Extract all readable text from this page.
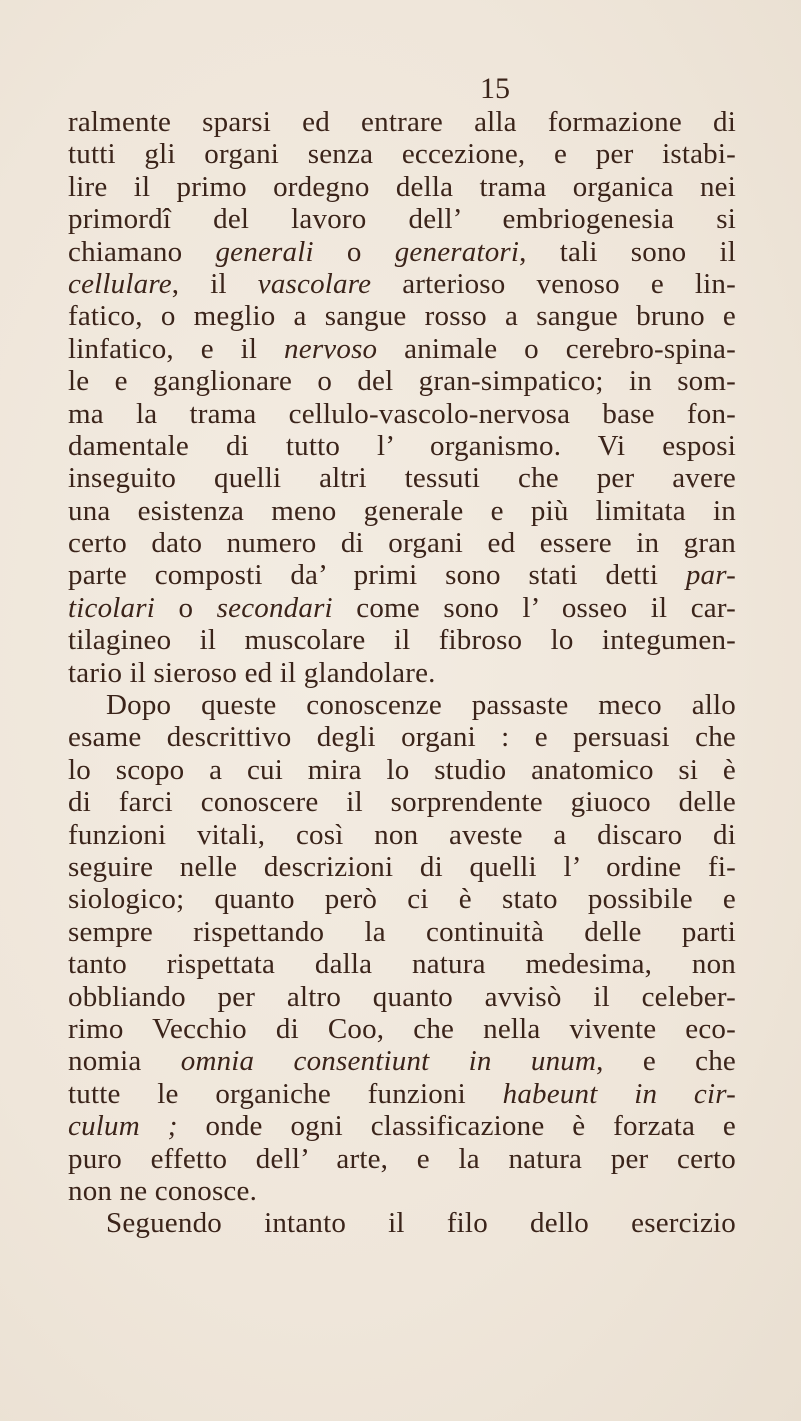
15
ralmente sparsi ed entrare alla formazione di
tutti gli organi senza eccezione, e per istabi-
lire il primo ordegno della trama organica nei
primordî del lavoro dell’ embriogenesia si
chiamano generali o generatori, tali sono il
cellulare, il vascolare arterioso venoso e lin-
fatico, o meglio a sangue rosso a sangue bruno e
linfatico, e il nervoso animale o cerebro-spina-
le e ganglionare o del gran-simpatico; in som-
ma la trama cellulo-vascolo-nervosa base fon-
damentale di tutto l’ organismo. Vi esposi
inseguito quelli altri tessuti che per avere
una esistenza meno generale e più limitata in
certo dato numero di organi ed essere in gran
parte composti da’ primi sono stati detti par-
ticolari o secondari come sono l’ osseo il car-
tilagineo il muscolare il fibroso lo integumen-
tario il sieroso ed il glandolare.
Dopo queste conoscenze passaste meco allo
esame descrittivo degli organi : e persuasi che
lo scopo a cui mira lo studio anatomico si è
di farci conoscere il sorprendente giuoco delle
funzioni vitali, così non aveste a discaro di
seguire nelle descrizioni di quelli l’ ordine fi-
siologico; quanto però ci è stato possibile e
sempre rispettando la continuità delle parti
tanto rispettata dalla natura medesima, non
obbliando per altro quanto avvisò il celeber-
rimo Vecchio di Coo, che nella vivente eco-
nomia omnia consentiunt in unum, e che
tutte le organiche funzioni habeunt in cir-
culum ; onde ogni classificazione è forzata e
puro effetto dell’ arte, e la natura per certo
non ne conosce.
Seguendo intanto il filo dello esercizio
